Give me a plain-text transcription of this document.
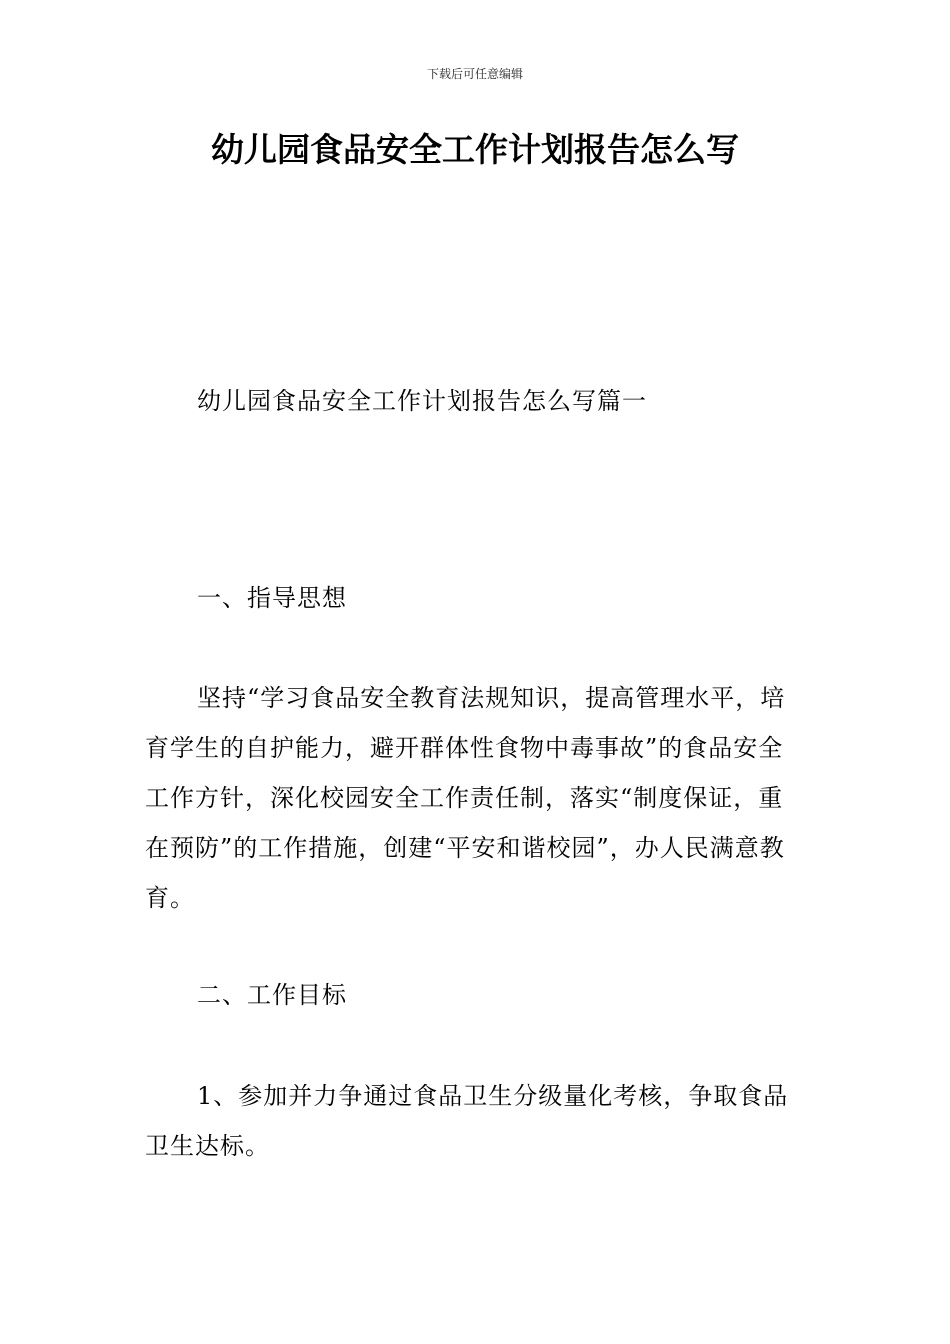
下载后可任意编辑
幼儿园食品安全工作计划报告怎么写

幼儿园食品安全工作计划报告怎么写篇一

一、指导思想

坚持“学习食品安全教育法规知识，提高管理水平，培育学生的自护能力，避开群体性食物中毒事故”的食品安全工作方针，深化校园安全工作责任制，落实“制度保证，重在预防”的工作措施，创建“平安和谐校园”，办人民满意教育。

二、工作目标

1、参加并力争通过食品卫生分级量化考核，争取食品卫生达标。
